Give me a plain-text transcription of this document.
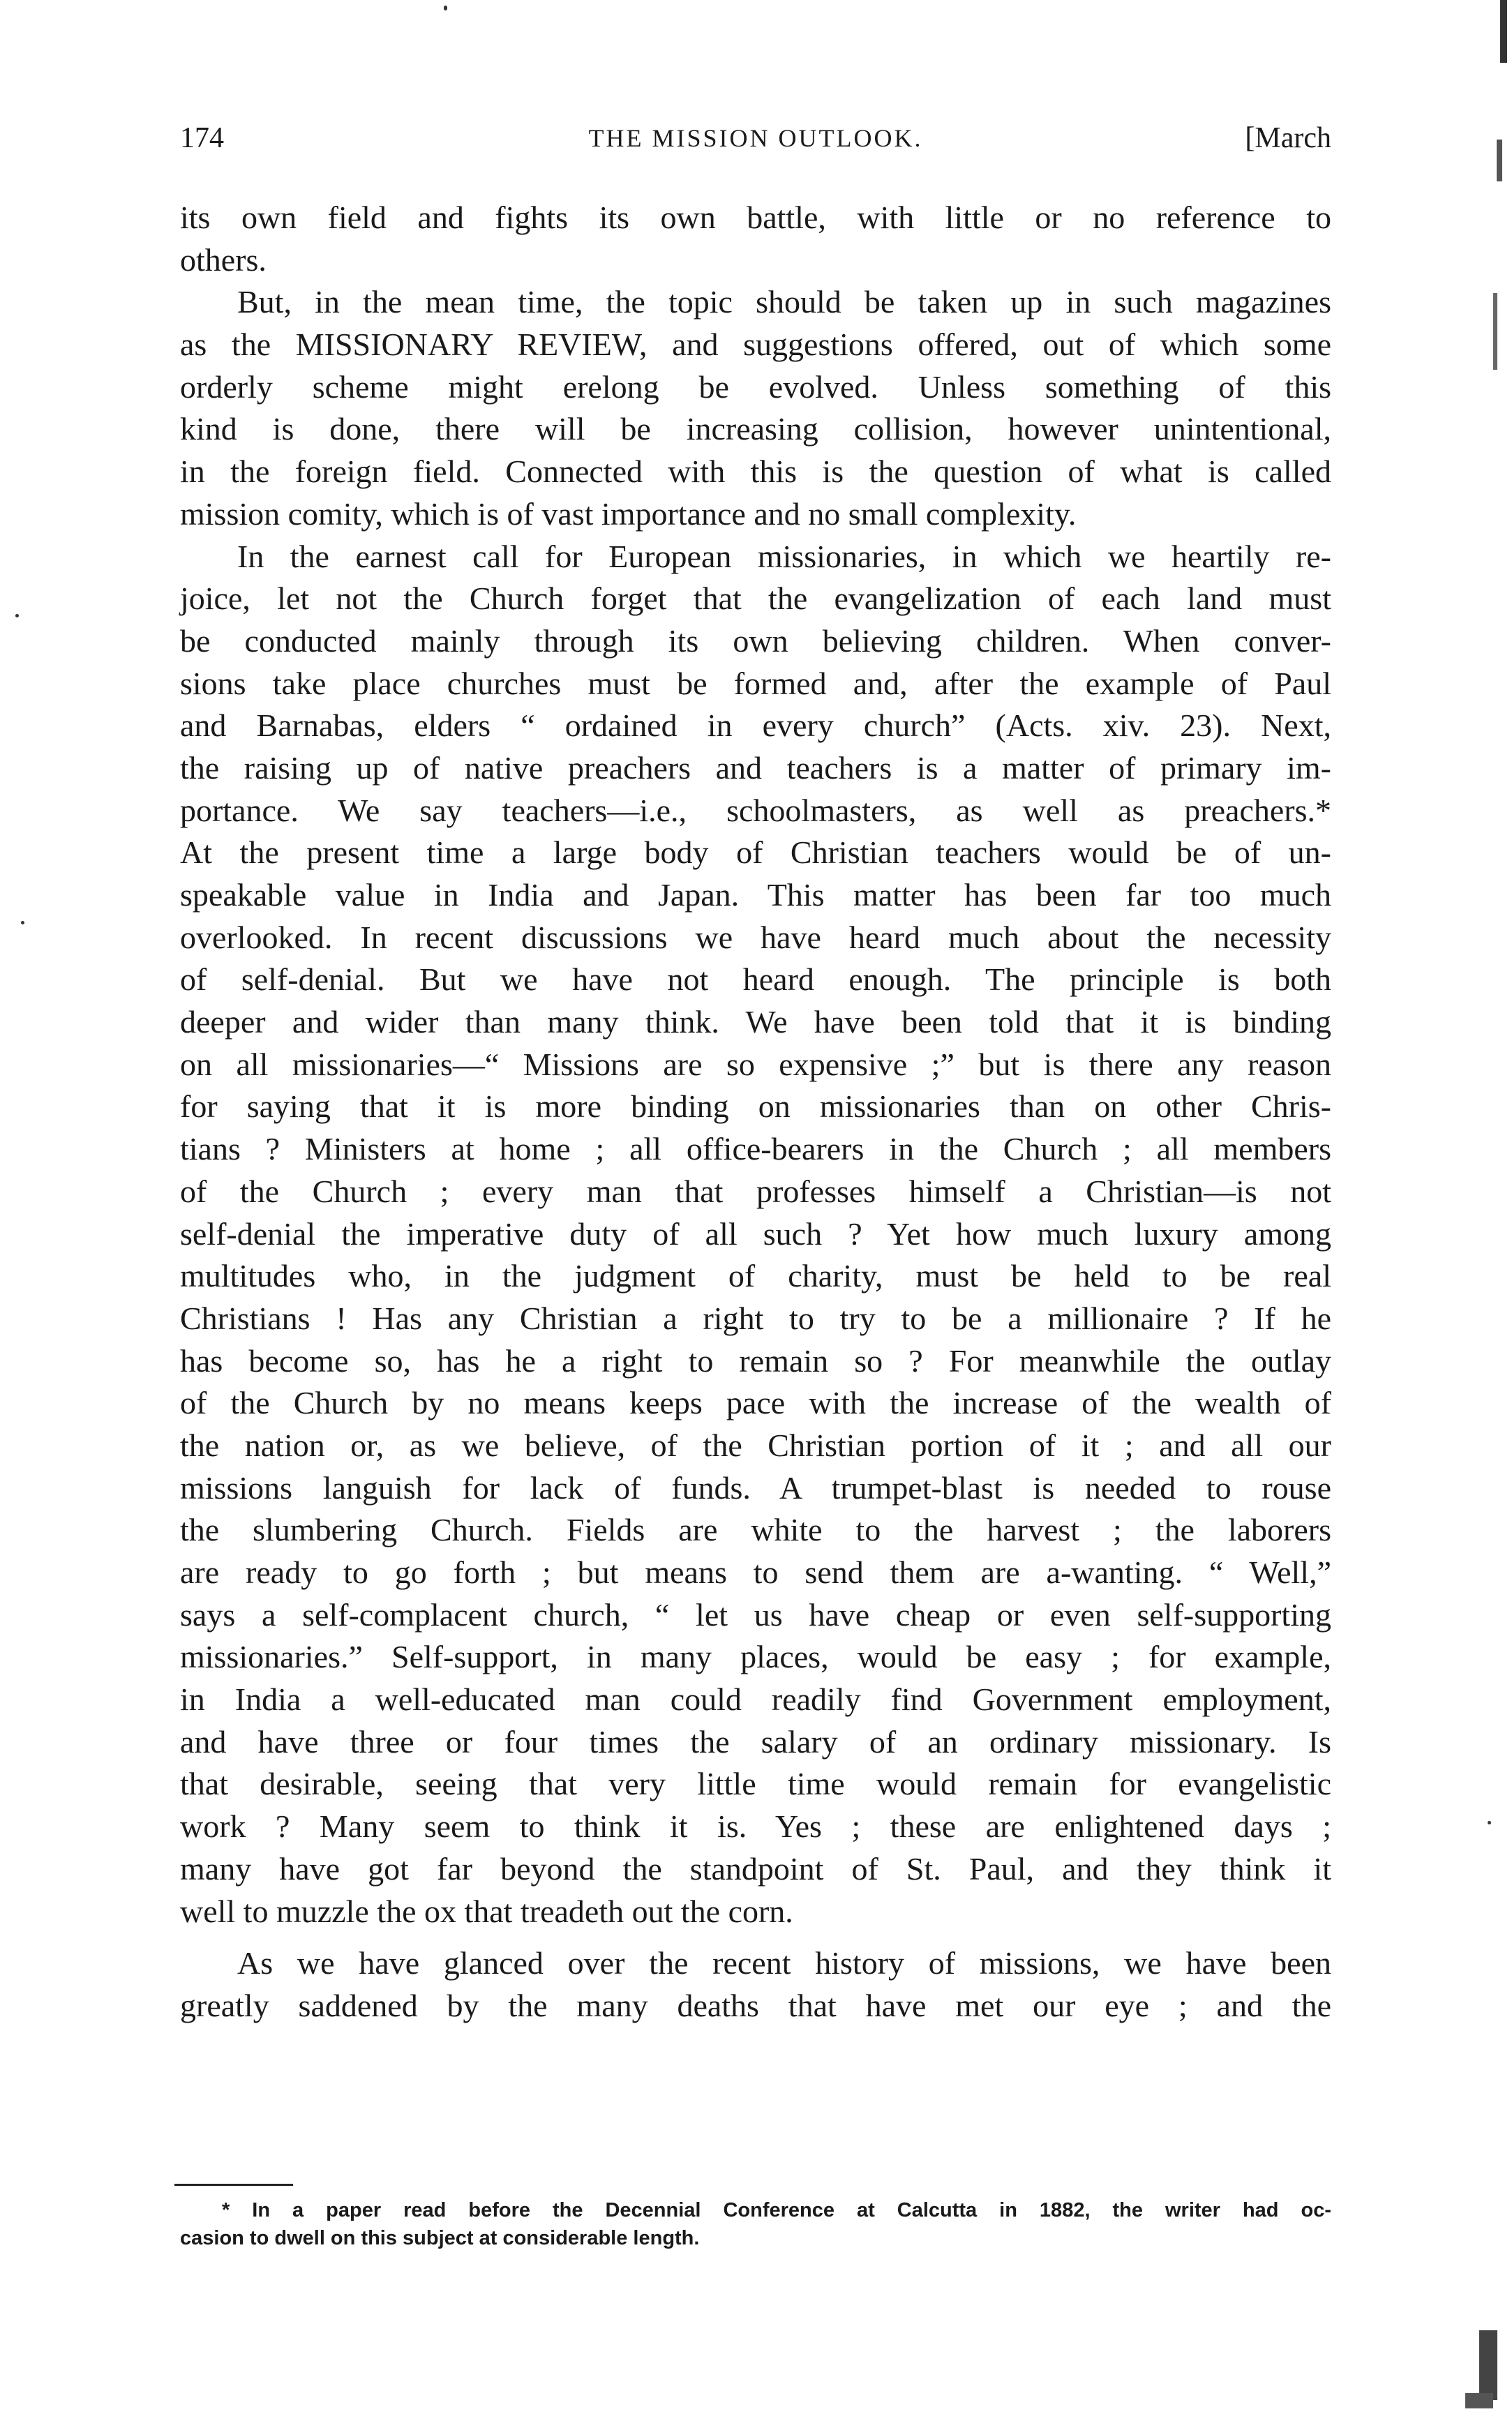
174	THE MISSION OUTLOOK.	[March
its own field and fights its own battle, with little or no reference to
others.
But, in the mean time, the topic should be taken up in such magazines
as the MISSIONARY REVIEW, and suggestions offered, out of which some
orderly scheme might erelong be evolved. Unless something of this
kind is done, there will be increasing collision, however unintentional,
in the foreign field. Connected with this is the question of what is called
mission comity, which is of vast importance and no small complexity.
In the earnest call for European missionaries, in which we heartily re-
joice, let not the Church forget that the evangelization of each land must
be conducted mainly through its own believing children. When conver-
sions take place churches must be formed and, after the example of Paul
and Barnabas, elders “ ordained in every church” (Acts. xiv. 23). Next,
the raising up of native preachers and teachers is a matter of primary im-
portance. We say teachers—i.e., schoolmasters, as well as preachers.*
At the present time a large body of Christian teachers would be of un-
speakable value in India and Japan. This matter has been far too much
overlooked. In recent discussions we have heard much about the necessity
of self-denial. But we have not heard enough. The principle is both
deeper and wider than many think. We have been told that it is binding
on all missionaries—“ Missions are so expensive ;” but is there any reason
for saying that it is more binding on missionaries than on other Chris-
tians ? Ministers at home ; all office-bearers in the Church ; all members
of the Church ; every man that professes himself a Christian—is not
self-denial the imperative duty of all such ? Yet how much luxury among
multitudes who, in the judgment of charity, must be held to be real
Christians ! Has any Christian a right to try to be a millionaire ? If he
has become so, has he a right to remain so ? For meanwhile the outlay
of the Church by no means keeps pace with the increase of the wealth of
the nation or, as we believe, of the Christian portion of it ; and all our
missions languish for lack of funds. A trumpet-blast is needed to rouse
the slumbering Church. Fields are white to the harvest ; the laborers
are ready to go forth ; but means to send them are a-wanting. “ Well,”
says a self-complacent church, “ let us have cheap or even self-supporting
missionaries.” Self-support, in many places, would be easy ; for example,
in India a well-educated man could readily find Government employment,
and have three or four times the salary of an ordinary missionary. Is
that desirable, seeing that very little time would remain for evangelistic
work ? Many seem to think it is. Yes ; these are enlightened days ;
many have got far beyond the standpoint of St. Paul, and they think it
well to muzzle the ox that treadeth out the corn.
As we have glanced over the recent history of missions, we have been
greatly saddened by the many deaths that have met our eye ; and the
* In a paper read before the Decennial Conference at Calcutta in 1882, the writer had oc-
casion to dwell on this subject at considerable length.
